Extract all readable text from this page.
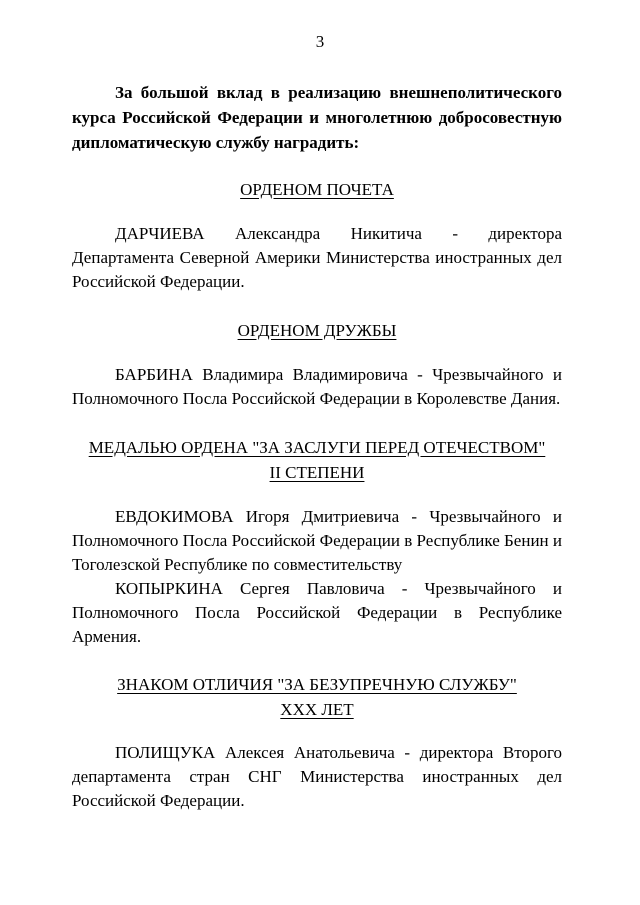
3
За большой вклад в реализацию внешнеполитического курса Российской Федерации и многолетнюю добросовестную дипломатическую службу наградить:
ОРДЕНОМ ПОЧЕТА
ДАРЧИЕВА Александра Никитича - директора Департамента Северной Америки Министерства иностранных дел Российской Федерации.
ОРДЕНОМ ДРУЖБЫ
БАРБИНА Владимира Владимировича - Чрезвычайного и Полномочного Посла Российской Федерации в Королевстве Дания.
МЕДАЛЬЮ ОРДЕНА "ЗА ЗАСЛУГИ ПЕРЕД ОТЕЧЕСТВОМ"
II СТЕПЕНИ
ЕВДОКИМОВА Игоря Дмитриевича - Чрезвычайного и Полномочного Посла Российской Федерации в Республике Бенин и Тоголезской Республике по совместительству
КОПЫРКИНА Сергея Павловича - Чрезвычайного и Полномочного Посла Российской Федерации в Республике Армения.
ЗНАКОМ ОТЛИЧИЯ "ЗА БЕЗУПРЕЧНУЮ СЛУЖБУ"
XXX ЛЕТ
ПОЛИЩУКА Алексея Анатольевича - директора Второго департамента стран СНГ Министерства иностранных дел Российской Федерации.
